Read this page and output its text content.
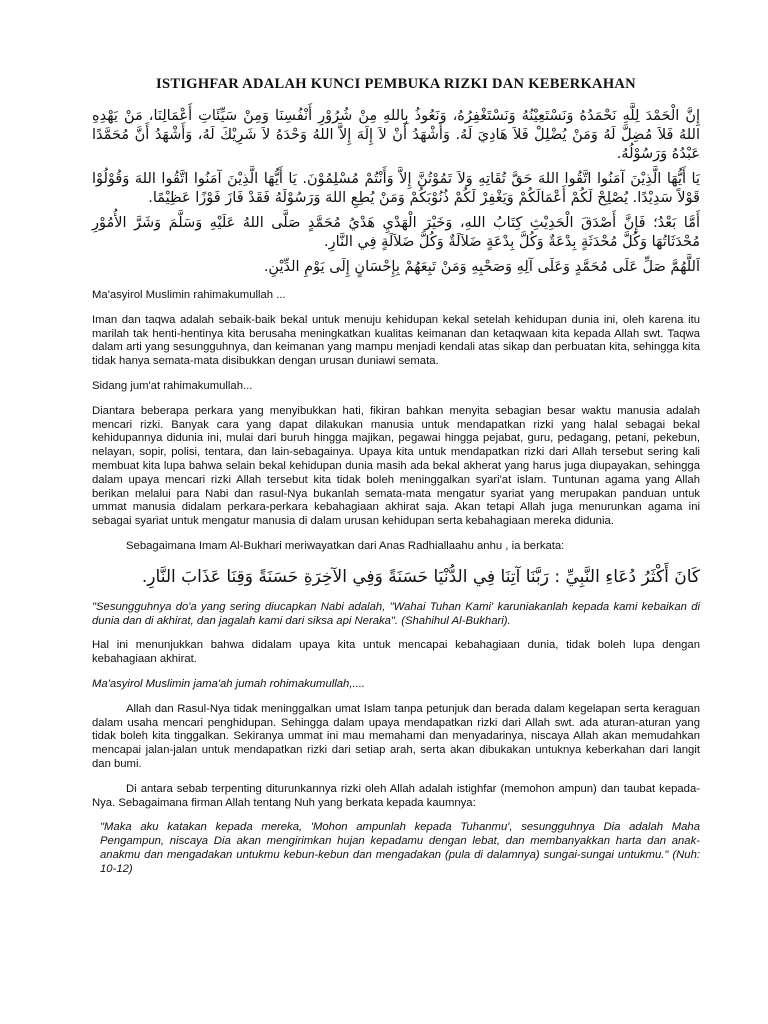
ISTIGHFAR ADALAH KUNCI PEMBUKA RIZKI DAN KEBERKAHAN
إِنَّ الْحَمْدَ لِلَّهِ نَحْمَدُهُ وَنَسْتَعِيْنُهُ وَنَسْتَغْفِرُهُ، وَنَعُوذُ بِاللهِ مِنْ شُرُوْرِ أَنْفُسِنَا وَمِنْ سَيِّئَاتِ أَعْمَالِنَا، مَنْ يَهْدِهِ اللهُ فَلاَ مُضِلَّ لَهُ وَمَنْ يُضْلِلْ فَلاَ هَادِيَ لَهُ. وَأَشْهَدُ أَنْ لاَ إِلَهَ إِلاَّ اللهُ وَحْدَهُ لاَ شَرِيْكَ لَهُ، وَأَشْهَدُ أَنَّ مُحَمَّدًا عَبْدُهُ وَرَسُوْلُهُ.
يَا أَيُّهَا الَّذِيْنَ آمَنُوا اتَّقُوا اللهَ حَقَّ تُقَاتِهِ وَلاَ تَمُوْتُنَّ إِلاَّ وَأَنْتُمْ مُسْلِمُوْنَ. يَا أَيُّهَا الَّذِيْنَ آمَنُوا اتَّقُوا اللهَ وَقُوْلُوْا قَوْلاً سَدِيْدًا. يُصْلِحْ لَكُمْ أَعْمَالَكُمْ وَيَغْفِرْ لَكُمْ ذُنُوْبَكُمْ وَمَنْ يُطِعِ اللهَ وَرَسُوْلَهُ فَقَدْ فَازَ فَوْزًا عَظِيْمًا.
أَمَّا بَعْدُ؛ فَإِنَّ أَصْدَقَ الْحَدِيْثِ كِتَابُ اللهِ، وَخَيْرَ الْهَدْيِ هَدْيُ مُحَمَّدٍ صَلَّى اللهُ عَلَيْهِ وَسَلَّمَ وَشَرَّ الأُمُوْرِ مُحْدَثَاتُهَا وَكُلَّ مُحْدَثَةٍ بِدْعَةٌ وَكُلَّ بِدْعَةٍ ضَلاَلَةٌ وَكُلَّ ضَلاَلَةٍ فِي النَّارِ.
اَللَّهُمَّ صَلِّ عَلَى مُحَمَّدٍ وَعَلَى آلِهِ وَصَحْبِهِ وَمَنْ تَبِعَهُمْ بِإِحْسَانٍ إِلَى يَوْمِ الدِّيْنِ.

Ma'asyirol Muslimin rahimakumullah ...

Iman dan taqwa adalah sebaik-baik bekal untuk menuju kehidupan kekal setelah kehidupan dunia ini, oleh karena itu marilah tak henti-hentinya kita berusaha meningkatkan kualitas keimanan dan ketaqwaan kita kepada Allah swt. Taqwa dalam arti yang sesungguhnya, dan keimanan yang mampu menjadi kendali atas sikap dan perbuatan kita, sehingga kita tidak hanya semata-mata disibukkan dengan urusan duniawi semata.

Sidang jum'at rahimakumullah...

Diantara beberapa perkara yang menyibukkan hati, fikiran bahkan menyita sebagian besar waktu manusia adalah mencari rizki. Banyak cara yang dapat dilakukan manusia untuk mendapatkan rizki yang halal sebagai bekal kehidupannya didunia ini, mulai dari buruh hingga majikan, pegawai hingga pejabat, guru, pedagang, petani, pekebun, nelayan, sopir, polisi, tentara, dan lain-sebagainya. Upaya kita untuk mendapatkan rizki dari Allah tersebut sering kali membuat kita lupa bahwa selain bekal kehidupan dunia masih ada bekal akherat yang harus juga diupayakan, sehingga dalam upaya mencari rizki Allah tersebut kita tidak boleh meninggalkan syari'at islam. Tuntunan agama yang Allah berikan melalui para Nabi dan rasul-Nya bukanlah semata-mata mengatur syariat yang merupakan panduan untuk ummat manusia didalam perkara-perkara kebahagiaan akhirat saja. Akan tetapi Allah juga menurunkan agama ini sebagai syariat untuk mengatur manusia di dalam urusan kehidupan serta kebahagiaan mereka didunia.

Sebagaimana Imam Al-Bukhari meriwayatkan dari Anas Radhiallaahu anhu , ia berkata:

كَانَ أَكْثَرُ دُعَاءِ النَّبِيِّ : رَبَّنَا آتِنَا فِي الدُّنْيَا حَسَنَةً وَفِي الآخِرَةِ حَسَنَةً وَقِنَا عَذَابَ النَّارِ.

"Sesungguhnya do'a yang sering diucapkan Nabi adalah, "Wahai Tuhan Kami' karuniakanlah kepada kami kebaikan di dunia dan di akhirat, dan jagalah kami dari siksa api Neraka". (Shahihul Al-Bukhari).

Hal ini menunjukkan bahwa didalam upaya kita untuk mencapai kebahagiaan dunia, tidak boleh lupa dengan kebahagiaan akhirat.

Ma'asyirol Muslimin jama'ah jumah rohimakumullah,....

Allah dan Rasul-Nya tidak meninggalkan umat Islam tanpa petunjuk dan berada dalam kegelapan serta keraguan dalam usaha mencari penghidupan. Sehingga dalam upaya mendapatkan rizki dari Allah swt. ada aturan-aturan yang tidak boleh kita tinggalkan. Sekiranya ummat ini mau memahami dan menyadarinya, niscaya Allah akan memudahkan mencapai jalan-jalan untuk mendapatkan rizki dari setiap arah, serta akan dibukakan untuknya keberkahan dari langit dan bumi.

Di antara sebab terpenting diturunkannya rizki oleh Allah adalah istighfar (memohon ampun) dan taubat kepada-Nya. Sebagaimana firman Allah tentang Nuh yang berkata kepada kaumnya:

"Maka aku katakan kepada mereka, 'Mohon ampunlah kepada Tuhanmu', sesungguhnya Dia adalah Maha Pengampun, niscaya Dia akan mengirimkan hujan kepadamu dengan lebat, dan membanyakkan harta dan anak-anakmu dan mengadakan untukmu kebun-kebun dan mengadakan (pula di dalamnya) sungai-sungai untukmu." (Nuh: 10-12)
